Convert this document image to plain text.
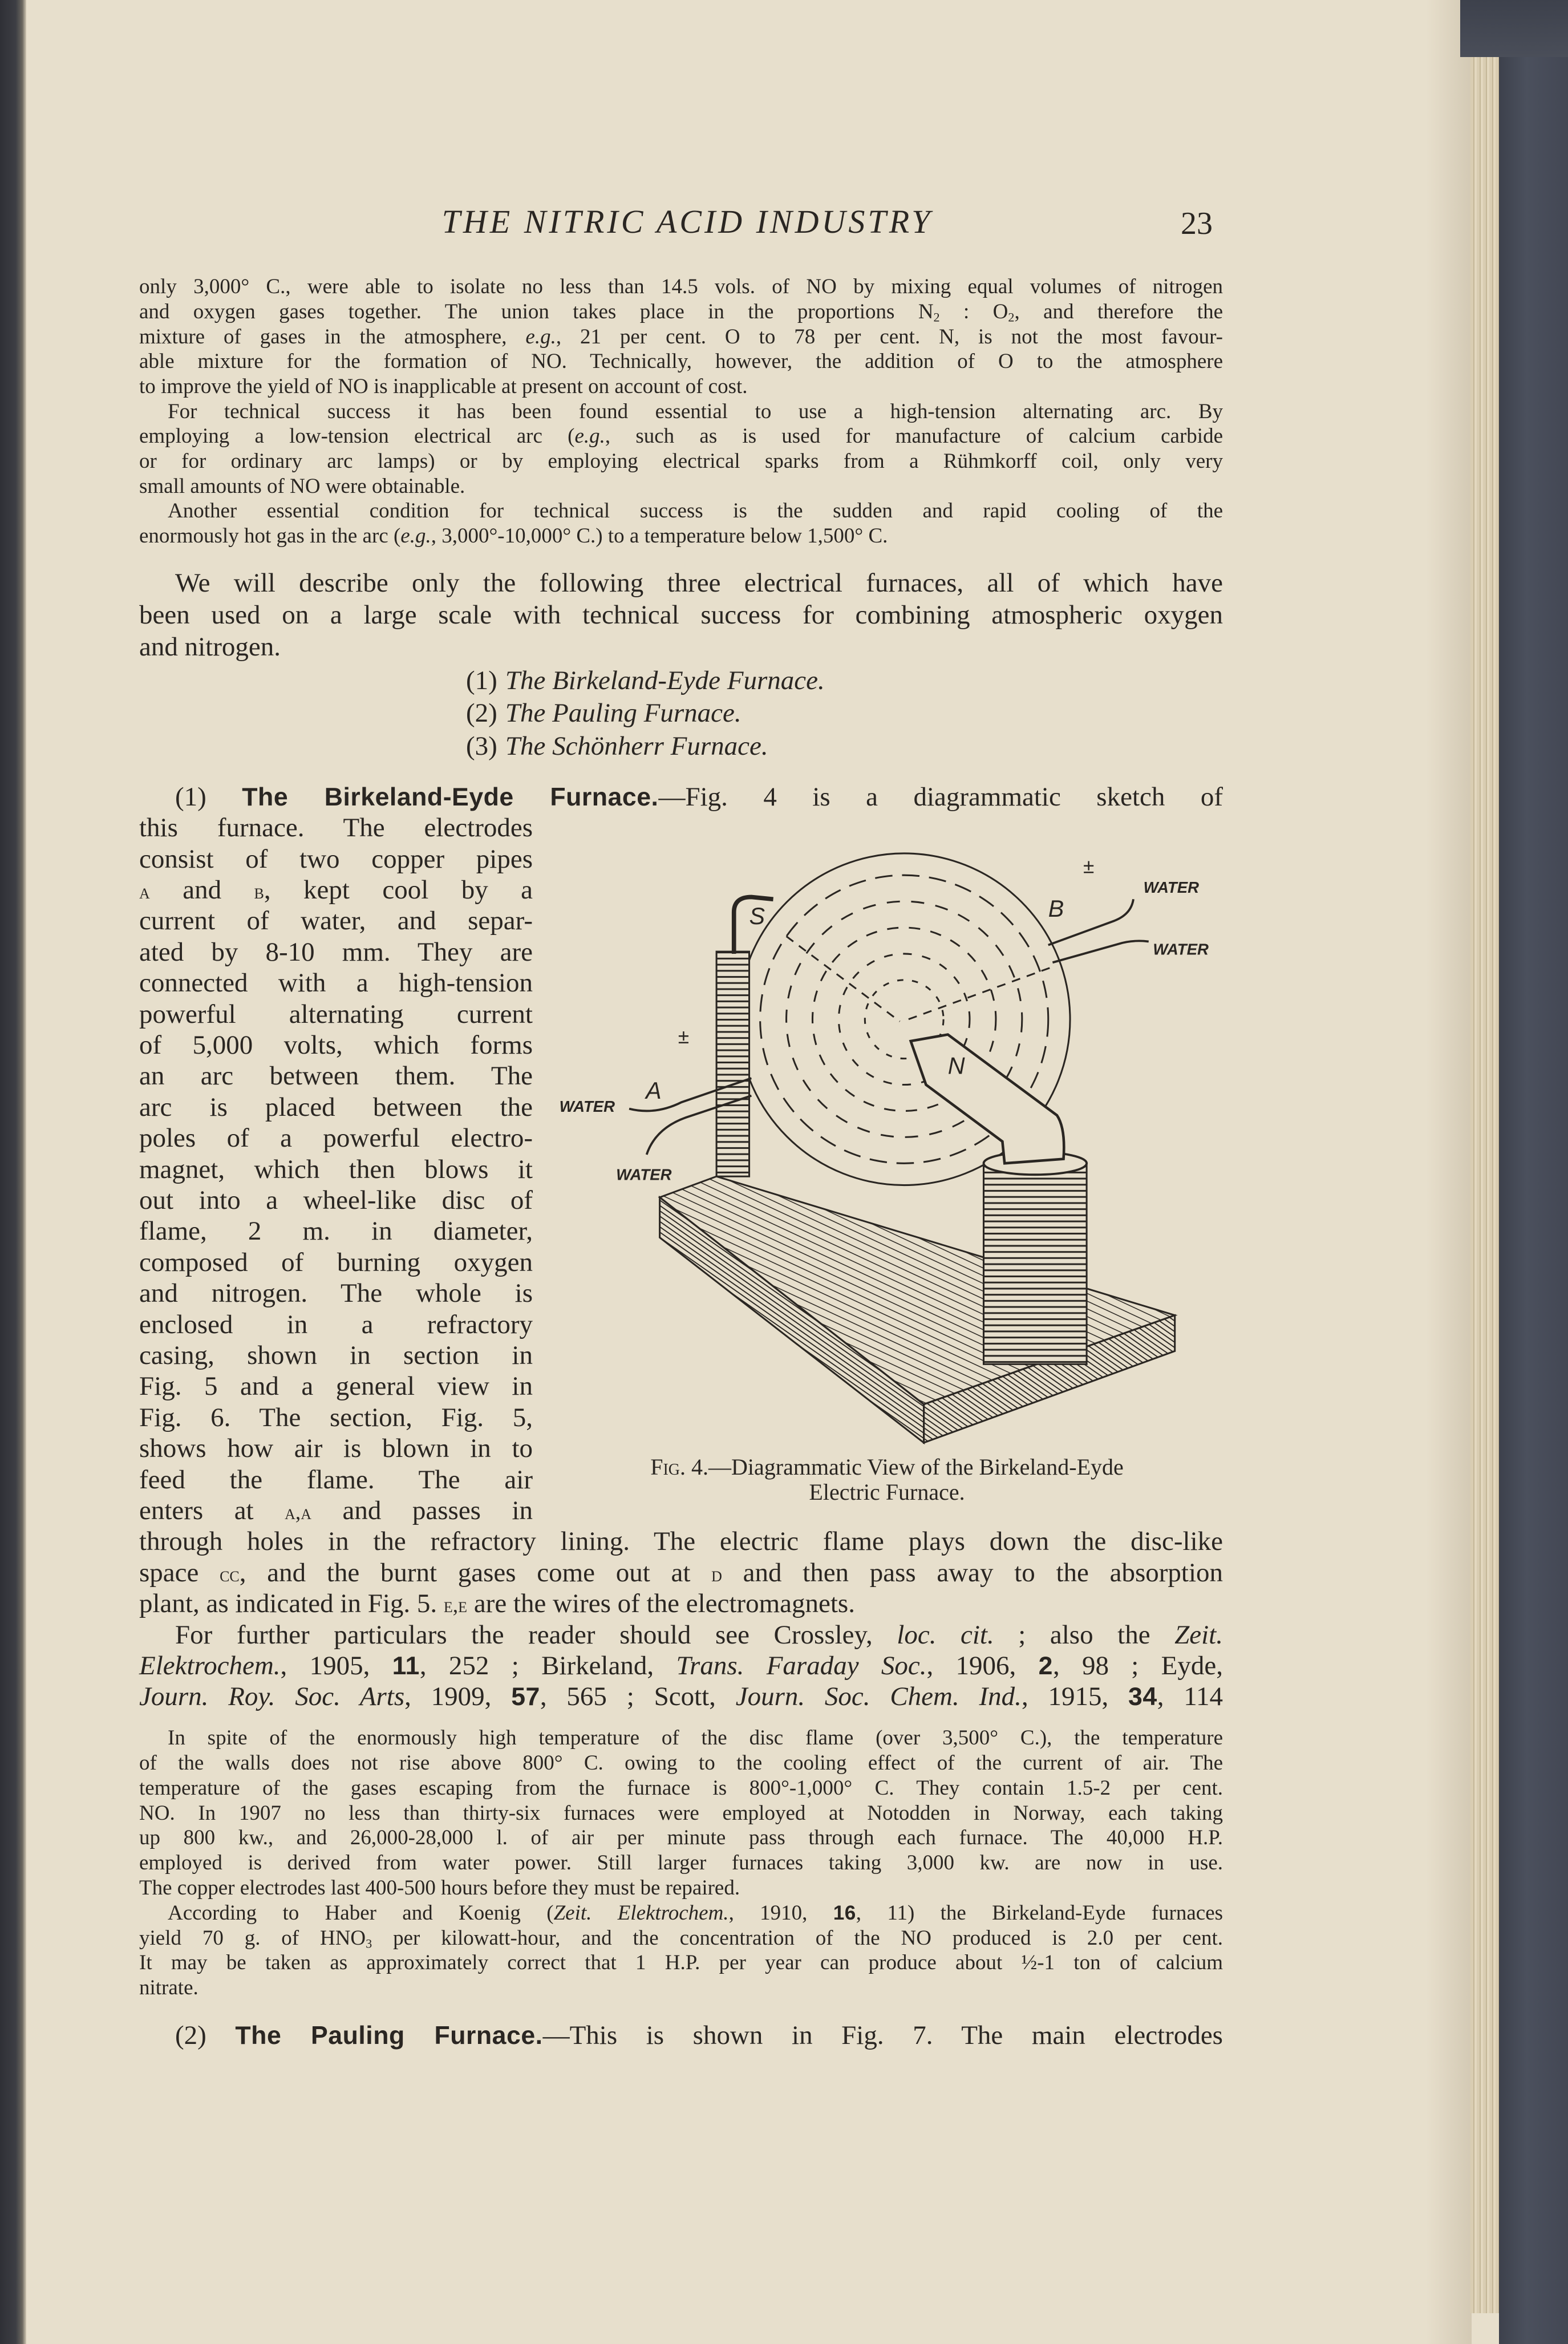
THE NITRIC ACID INDUSTRY	23
only 3,000° C., were able to isolate no less than 14.5 vols. of NO by mixing equal volumes of nitrogen
and oxygen gases together. The union takes place in the proportions $N_2$ : $O_2$, and therefore the
mixture of gases in the atmosphere, e.g., 21 per cent. O to 78 per cent. N, is not the most favour-
able mixture for the formation of NO. Technically, however, the addition of O to the atmosphere
to improve the yield of NO is inapplicable at present on account of cost.
For technical success it has been found essential to use a high-tension alternating arc. By
employing a low-tension electrical arc (e.g., such as is used for manufacture of calcium carbide
or for ordinary arc lamps) or by employing electrical sparks from a Rühmkorff coil, only very
small amounts of NO were obtainable.
Another essential condition for technical success is the sudden and rapid cooling of the
enormously hot gas in the arc (e.g., 3,000°-10,000° C.) to a temperature below 1,500° C.
We will describe only the following three electrical furnaces, all of which have
been used on a large scale with technical success for combining atmospheric oxygen
and nitrogen.
(1) The Birkeland-Eyde Furnace.—Fig. 4 is a diagrammatic sketch of
this furnace. The electrodes
consist of two copper pipes
a and b, kept cool by a
current of water, and separ-
ated by 8-10 mm. They are
connected with a high-tension
powerful alternating current
of 5,000 volts, which forms
an arc between them. The
arc is placed between the
poles of a powerful electro-
magnet, which then blows it
out into a wheel-like disc of
flame, 2 m. in diameter,
composed of burning oxygen
and nitrogen. The whole is
enclosed in a refractory
casing, shown in section in
Fig. 5 and a general view in
Fig. 6. The section, Fig. 5,
shows how air is blown in to
feed the flame. The air
enters at a,a and passes in
through holes in the refractory lining. The electric flame plays down the disc-like
space cc, and the burnt gases come out at d and then pass away to the absorption
plant, as indicated in Fig. 5. e,e are the wires of the electromagnets.
For further particulars the reader should see Crossley, loc. cit. ; also the Zeit.
Elektrochem., 1905, 11, 252 ; Birkeland, Trans. Faraday Soc., 1906, 2, 98 ; Eyde,
Journ. Roy. Soc. Arts, 1909, 57, 565 ; Scott, Journ. Soc. Chem. Ind., 1915, 34, 114
In spite of the enormously high temperature of the disc flame (over 3,500° C.), the temperature
of the walls does not rise above 800° C. owing to the cooling effect of the current of air. The
temperature of the gases escaping from the furnace is 800°-1,000° C. They contain 1.5-2 per cent.
NO. In 1907 no less than thirty-six furnaces were employed at Notodden in Norway, each taking
up 800 kw., and 26,000-28,000 l. of air per minute pass through each furnace. The 40,000 H.P.
employed is derived from water power. Still larger furnaces taking 3,000 kw. are now in use.
The copper electrodes last 400-500 hours before they must be repaired.
According to Haber and Koenig (Zeit. Elektrochem., 1910, 16, 11) the Birkeland-Eyde furnaces
yield 70 g. of $HNO_3$ per kilowatt-hour, and the concentration of the NO produced is 2.0 per cent.
It may be taken as approximately correct that 1 H.P. per year can produce about ½-1 ton of calcium
nitrate.
(2) The Pauling Furnace.—This is shown in Fig. 7. The main electrodes
(1) The Birkeland-Eyde Furnace.
(2) The Pauling Furnace.
(3) The Schönherr Furnace.
S	B
N
A
±
±
WATER
WATER
WATER
WATER
Fig. 4.—Diagrammatic View of the Birkeland-Eyde
Electric Furnace.
